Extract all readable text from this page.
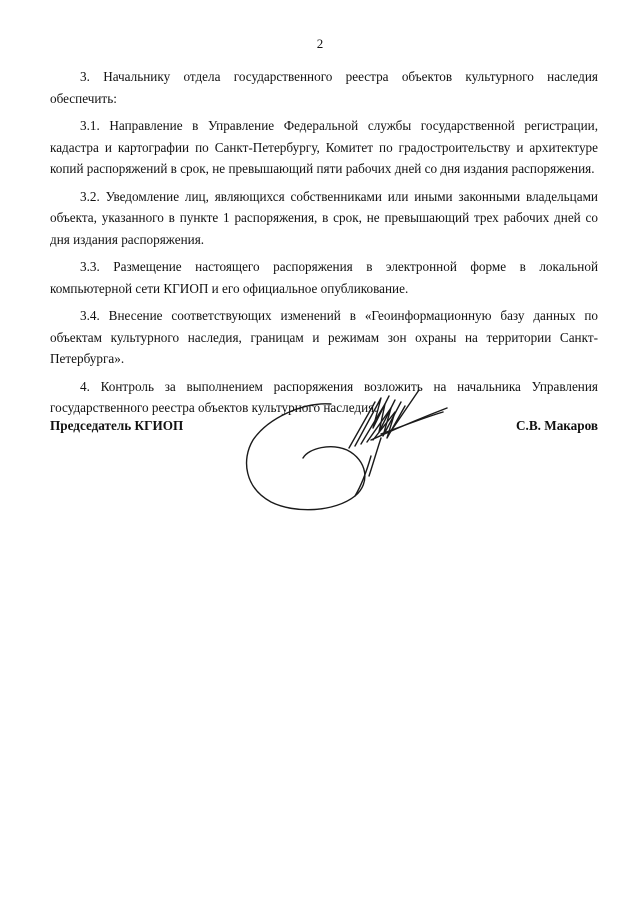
2

3. Начальнику отдела государственного реестра объектов культурного наследия обеспечить:

3.1. Направление в Управление Федеральной службы государственной регистрации, кадастра и картографии по Санкт-Петербургу, Комитет по градостроительству и архитектуре копий распоряжений в срок, не превышающий пяти рабочих дней со дня издания распоряжения.

3.2. Уведомление лиц, являющихся собственниками или иными законными владельцами объекта, указанного в пункте 1 распоряжения, в срок, не превышающий трех рабочих дней со дня издания распоряжения.

3.3. Размещение настоящего распоряжения в электронной форме в локальной компьютерной сети КГИОП и его официальное опубликование.

3.4. Внесение соответствующих изменений в «Геоинформационную базу данных по объектам культурного наследия, границам и режимам зон охраны на территории Санкт-Петербурга».

4. Контроль за выполнением распоряжения возложить на начальника Управления государственного реестра объектов культурного наследия.

Председатель КГИОП	С.В. Макаров
